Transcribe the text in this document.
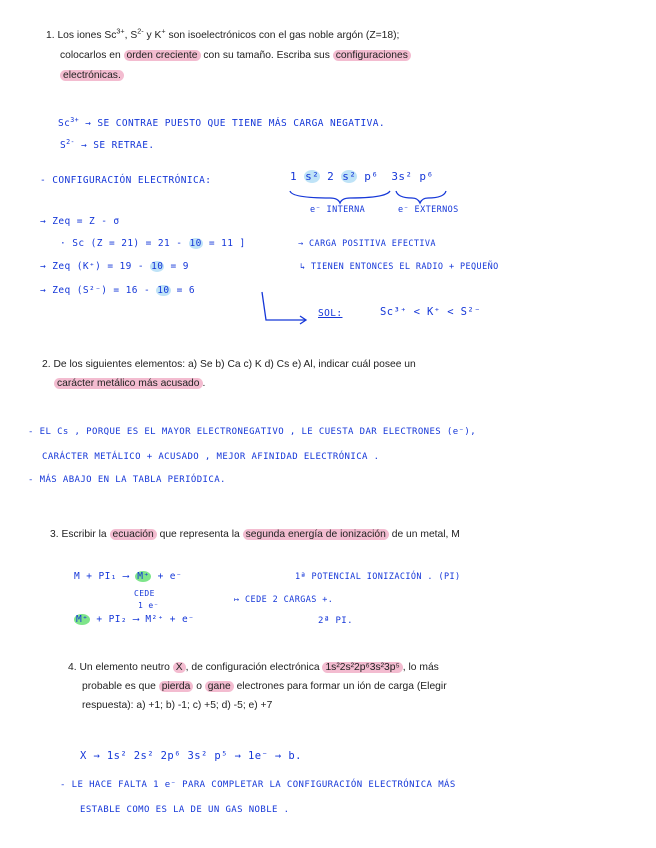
1. Los iones $Sc^{3+}$, $S^{2-}$ y K+ son isoelectrónicos con el gas noble argón (Z=18);
colocarlos en orden creciente con su tamaño. Escriba sus configuraciones
electrónicas.
$Sc^{3+}$ → SE CONTRAE PUESTO QUE TIENE MÁS CARGA NEGATIVA.
$S^{2-}$ → SE RETRAE.
- CONFIGURACIÓN ELECTRÓNICA:	1 s² 2 s² p⁶ 3s² p⁶
e⁻ INTERNA	e⁻ EXTERNOS
→ Zeq = Z - σ
· Sc (Z = 21) = 21 - 10 = 11 ]	→ CARGA POSITIVA EFECTIVA
→ Zeq (K⁺) = 19 - 10 = 9	↳ TIENEN ENTONCES EL RADIO + PEQUEÑO
→ Zeq (S²⁻) = 16 - 10 = 6
SOL:	Sc³⁺ < K⁺ < S²⁻
2. De los siguientes elementos: a) Se b) Ca c) K d) Cs e) Al, indicar cuál posee un
carácter metálico más acusado .
- EL Cs , PORQUE ES EL MAYOR ELECTRONEGATIVO , LE CUESTA DAR ELECTRONES (e⁻),
CARÁCTER METÁLICO + ACUSADO , MEJOR AFINIDAD ELECTRÓNICA .
- MÁS ABAJO EN LA TABLA PERIÓDICA.
3. Escribir la ecuación que representa la segunda energía de ionización de un metal, M
M + PI₁ ⟶ M⁺ + e⁻	1ª POTENCIAL IONIZACIÓN . (PI)
CEDE
1 e⁻
↦ CEDE 2 CARGAS +.
M⁺ + PI₂ ⟶ M²⁺ + e⁻	2ª PI.
4. Un elemento neutro X , de configuración electrónica 1s²2s²2p⁶3s²3p⁵ , lo más
probable es que pierda o gane electrones para formar un ión de carga (Elegir
respuesta): a) +1; b) -1; c) +5; d) -5; e) +7
X → 1s² 2s² 2p⁶ 3s² p⁵ → 1e⁻ → b.
- LE HACE FALTA 1 e⁻ PARA COMPLETAR LA CONFIGURACIÓN ELECTRÓNICA MÁS
ESTABLE COMO ES LA DE UN GAS NOBLE .
